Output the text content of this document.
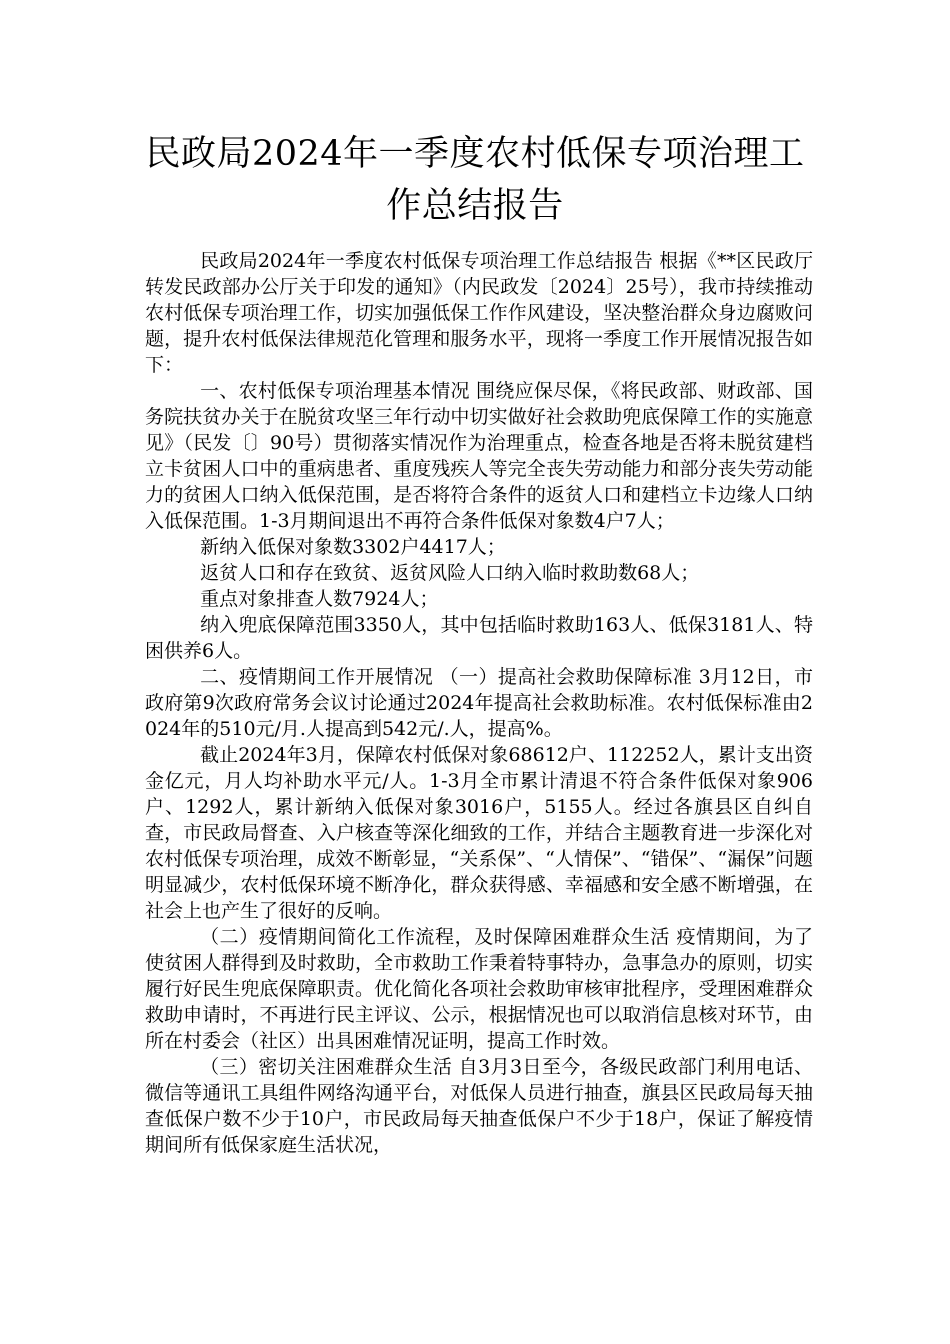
民政局2024年一季度农村低保专项治理工
作总结报告

民政局2024年一季度农村低保专项治理工作总结报告 根据《**区民政厅转发民政部办公厅关于印发的通知》（内民政发〔2024〕25号），我市持续推动农村低保专项治理工作，切实加强低保工作作风建设，坚决整治群众身边腐败问题，提升农村低保法律规范化管理和服务水平，现将一季度工作开展情况报告如下：

一、农村低保专项治理基本情况 围绕应保尽保，《将民政部、财政部、国务院扶贫办关于在脱贫攻坚三年行动中切实做好社会救助兜底保障工作的实施意见》（民发〔〕90号）贯彻落实情况作为治理重点，检查各地是否将未脱贫建档立卡贫困人口中的重病患者、重度残疾人等完全丧失劳动能力和部分丧失劳动能力的贫困人口纳入低保范围，是否将符合条件的返贫人口和建档立卡边缘人口纳入低保范围。1-3月期间退出不再符合条件低保对象数4户7人；

新纳入低保对象数3302户4417人；

返贫人口和存在致贫、返贫风险人口纳入临时救助数68人；

重点对象排查人数7924人；

纳入兜底保障范围3350人，其中包括临时救助163人、低保3181人、特困供养6人。

二、疫情期间工作开展情况 （一）提高社会救助保障标准 3月12日，市政府第9次政府常务会议讨论通过2024年提高社会救助标准。农村低保标准由2024年的510元/月.人提高到542元/.人，提高%。

截止2024年3月，保障农村低保对象68612户、112252人，累计支出资金亿元，月人均补助水平元/人。1-3月全市累计清退不符合条件低保对象906户、1292人，累计新纳入低保对象3016户，5155人。经过各旗县区自纠自查，市民政局督查、入户核查等深化细致的工作，并结合主题教育进一步深化对农村低保专项治理，成效不断彰显，“关系保”、“人情保”、“错保”、“漏保”问题明显减少，农村低保环境不断净化，群众获得感、幸福感和安全感不断增强，在社会上也产生了很好的反响。

（二）疫情期间简化工作流程，及时保障困难群众生活 疫情期间，为了使贫困人群得到及时救助，全市救助工作秉着特事特办，急事急办的原则，切实履行好民生兜底保障职责。优化简化各项社会救助审核审批程序，受理困难群众救助申请时，不再进行民主评议、公示，根据情况也可以取消信息核对环节，由所在村委会（社区）出具困难情况证明，提高工作时效。

（三）密切关注困难群众生活 自3月3日至今，各级民政部门利用电话、微信等通讯工具组件网络沟通平台，对低保人员进行抽查，旗县区民政局每天抽查低保户数不少于10户，市民政局每天抽查低保户不少于18户，保证了解疫情期间所有低保家庭生活状况，
